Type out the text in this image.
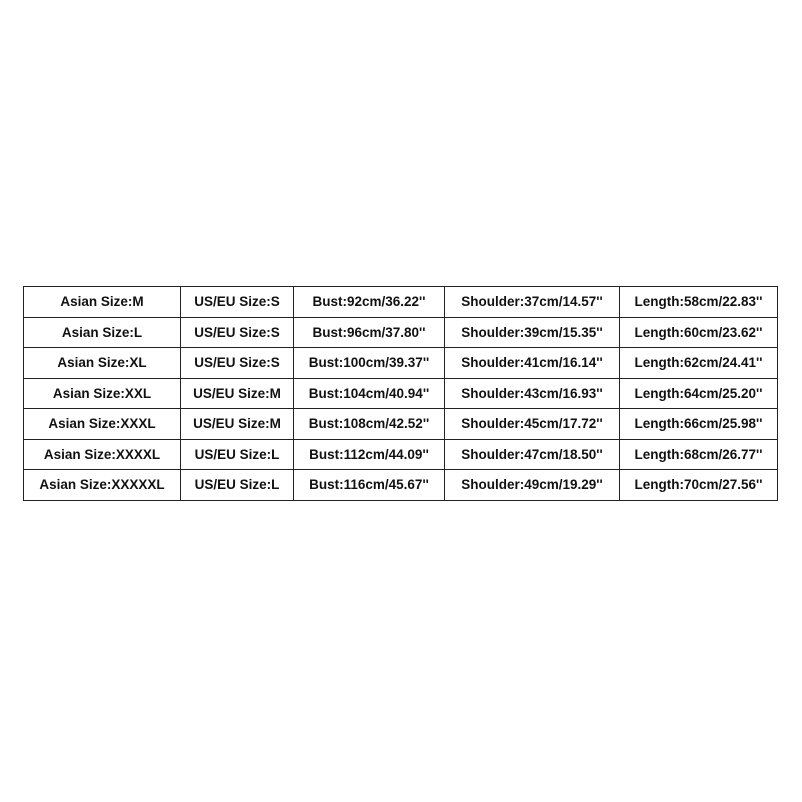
Asian Size:M	US/EU Size:S	Bust:92cm/36.22''	Shoulder:37cm/14.57''	Length:58cm/22.83''
Asian Size:L	US/EU Size:S	Bust:96cm/37.80''	Shoulder:39cm/15.35''	Length:60cm/23.62''
Asian Size:XL	US/EU Size:S	Bust:100cm/39.37''	Shoulder:41cm/16.14''	Length:62cm/24.41''
Asian Size:XXL	US/EU Size:M	Bust:104cm/40.94''	Shoulder:43cm/16.93''	Length:64cm/25.20''
Asian Size:XXXL	US/EU Size:M	Bust:108cm/42.52''	Shoulder:45cm/17.72''	Length:66cm/25.98''
Asian Size:XXXXL	US/EU Size:L	Bust:112cm/44.09''	Shoulder:47cm/18.50''	Length:68cm/26.77''
Asian Size:XXXXXL	US/EU Size:L	Bust:116cm/45.67''	Shoulder:49cm/19.29''	Length:70cm/27.56''
